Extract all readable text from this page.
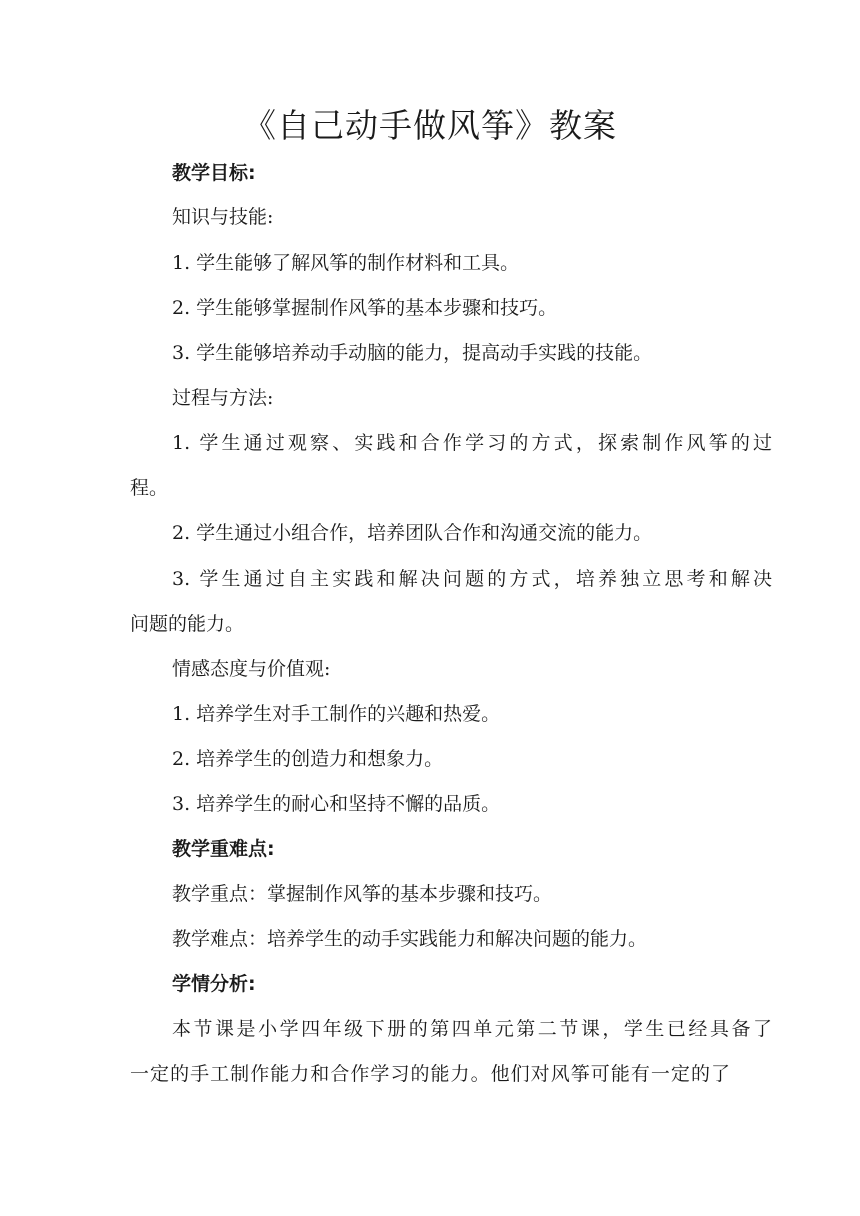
《自己动手做风筝》教案
教学目标:
知识与技能:
1. 学生能够了解风筝的制作材料和工具。
2. 学生能够掌握制作风筝的基本步骤和技巧。
3. 学生能够培养动手动脑的能力，提高动手实践的技能。
过程与方法:
1. 学生通过观察、实践和合作学习的方式，探索制作风筝的过
程。
2. 学生通过小组合作，培养团队合作和沟通交流的能力。
3. 学生通过自主实践和解决问题的方式，培养独立思考和解决
问题的能力。
情感态度与价值观:
1. 培养学生对手工制作的兴趣和热爱。
2. 培养学生的创造力和想象力。
3. 培养学生的耐心和坚持不懈的品质。
教学重难点:
教学重点：掌握制作风筝的基本步骤和技巧。
教学难点：培养学生的动手实践能力和解决问题的能力。
学情分析:
本节课是小学四年级下册的第四单元第二节课，学生已经具备了
一定的手工制作能力和合作学习的能力。他们对风筝可能有一定的了
